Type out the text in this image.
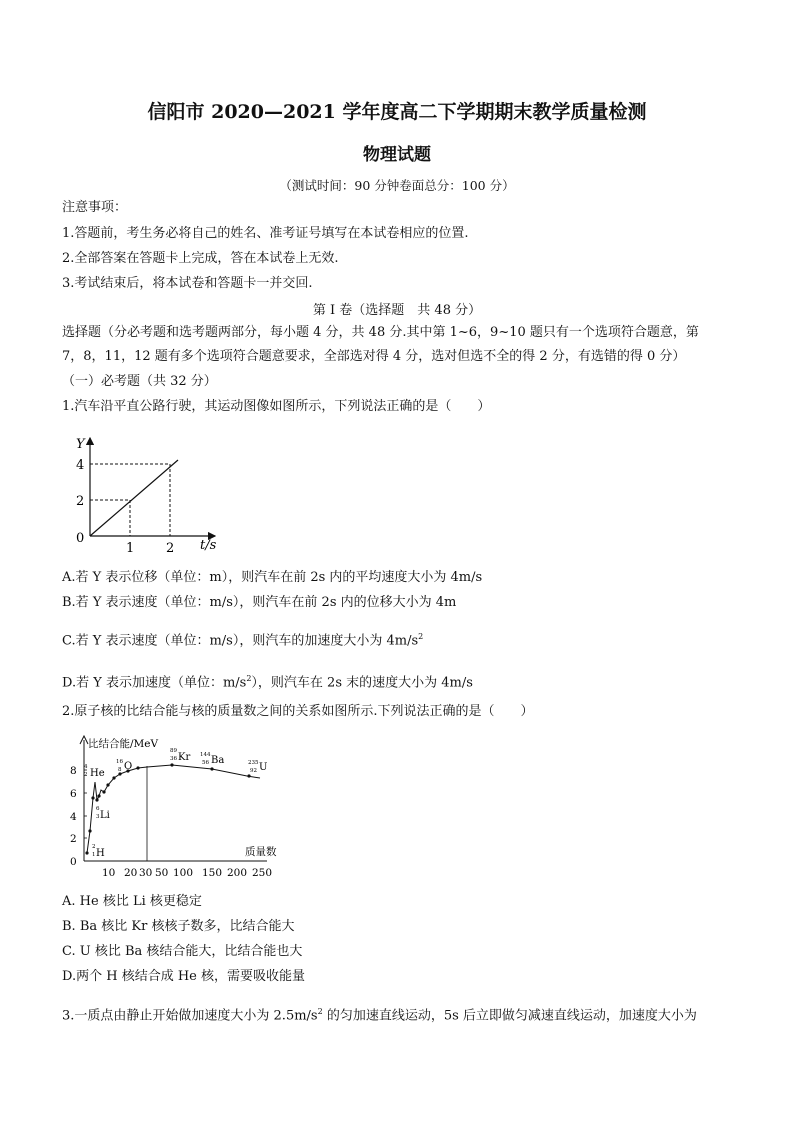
信阳市 2020—2021 学年度高二下学期期末教学质量检测
物理试题
（测试时间：90 分钟卷面总分：100 分）
注意事项：
1.答题前，考生务必将自己的姓名、准考证号填写在本试卷相应的位置.
2.全部答案在答题卡上完成，答在本试卷上无效.
3.考试结束后，将本试卷和答题卡一并交回.
第 I 卷（选择题　共 48 分）
选择题（分必考题和选考题两部分，每小题 4 分，共 48 分.其中第 1~6，9~10 题只有一个选项符合题意，第
7，8，11，12 题有多个选项符合题意要求，全部选对得 4 分，选对但选不全的得 2 分，有选错的得 0 分）
（一）必考题（共 32 分）
1.汽车沿平直公路行驶，其运动图像如图所示，下列说法正确的是（　　）
Y
4
2
0
1 2 t/s
A.若 Y 表示位移（单位：m），则汽车在前 2s 内的平均速度大小为 4m/s
B.若 Y 表示速度（单位：m/s），则汽车在前 2s 内的位移大小为 4m
C.若 Y 表示速度（单位：m/s），则汽车的加速度大小为 $4m/s^2$
D.若 Y 表示加速度（单位：$m/s^2$），则汽车在 2s 末的速度大小为 4m/s
2.原子核的比结合能与核的质量数之间的关系如图所示.下列说法正确的是（　　）
比结合能/MeV
8
6
4
2
0
10 20 30 50 100 150 200 250
质量数
2
1 H
6
3 Li
4
2 He
16
8 O
89
36 Kr 144
56 Ba	235
92 U
A. He 核比 Li 核更稳定
B. Ba 核比 Kr 核核子数多，比结合能大
C. U 核比 Ba 核结合能大，比结合能也大
D.两个 H 核结合成 He 核，需要吸收能量
3.一质点由静止开始做加速度大小为 $2.5m/s^2$ 的匀加速直线运动，5s 后立即做匀减速直线运动，加速度大小为
